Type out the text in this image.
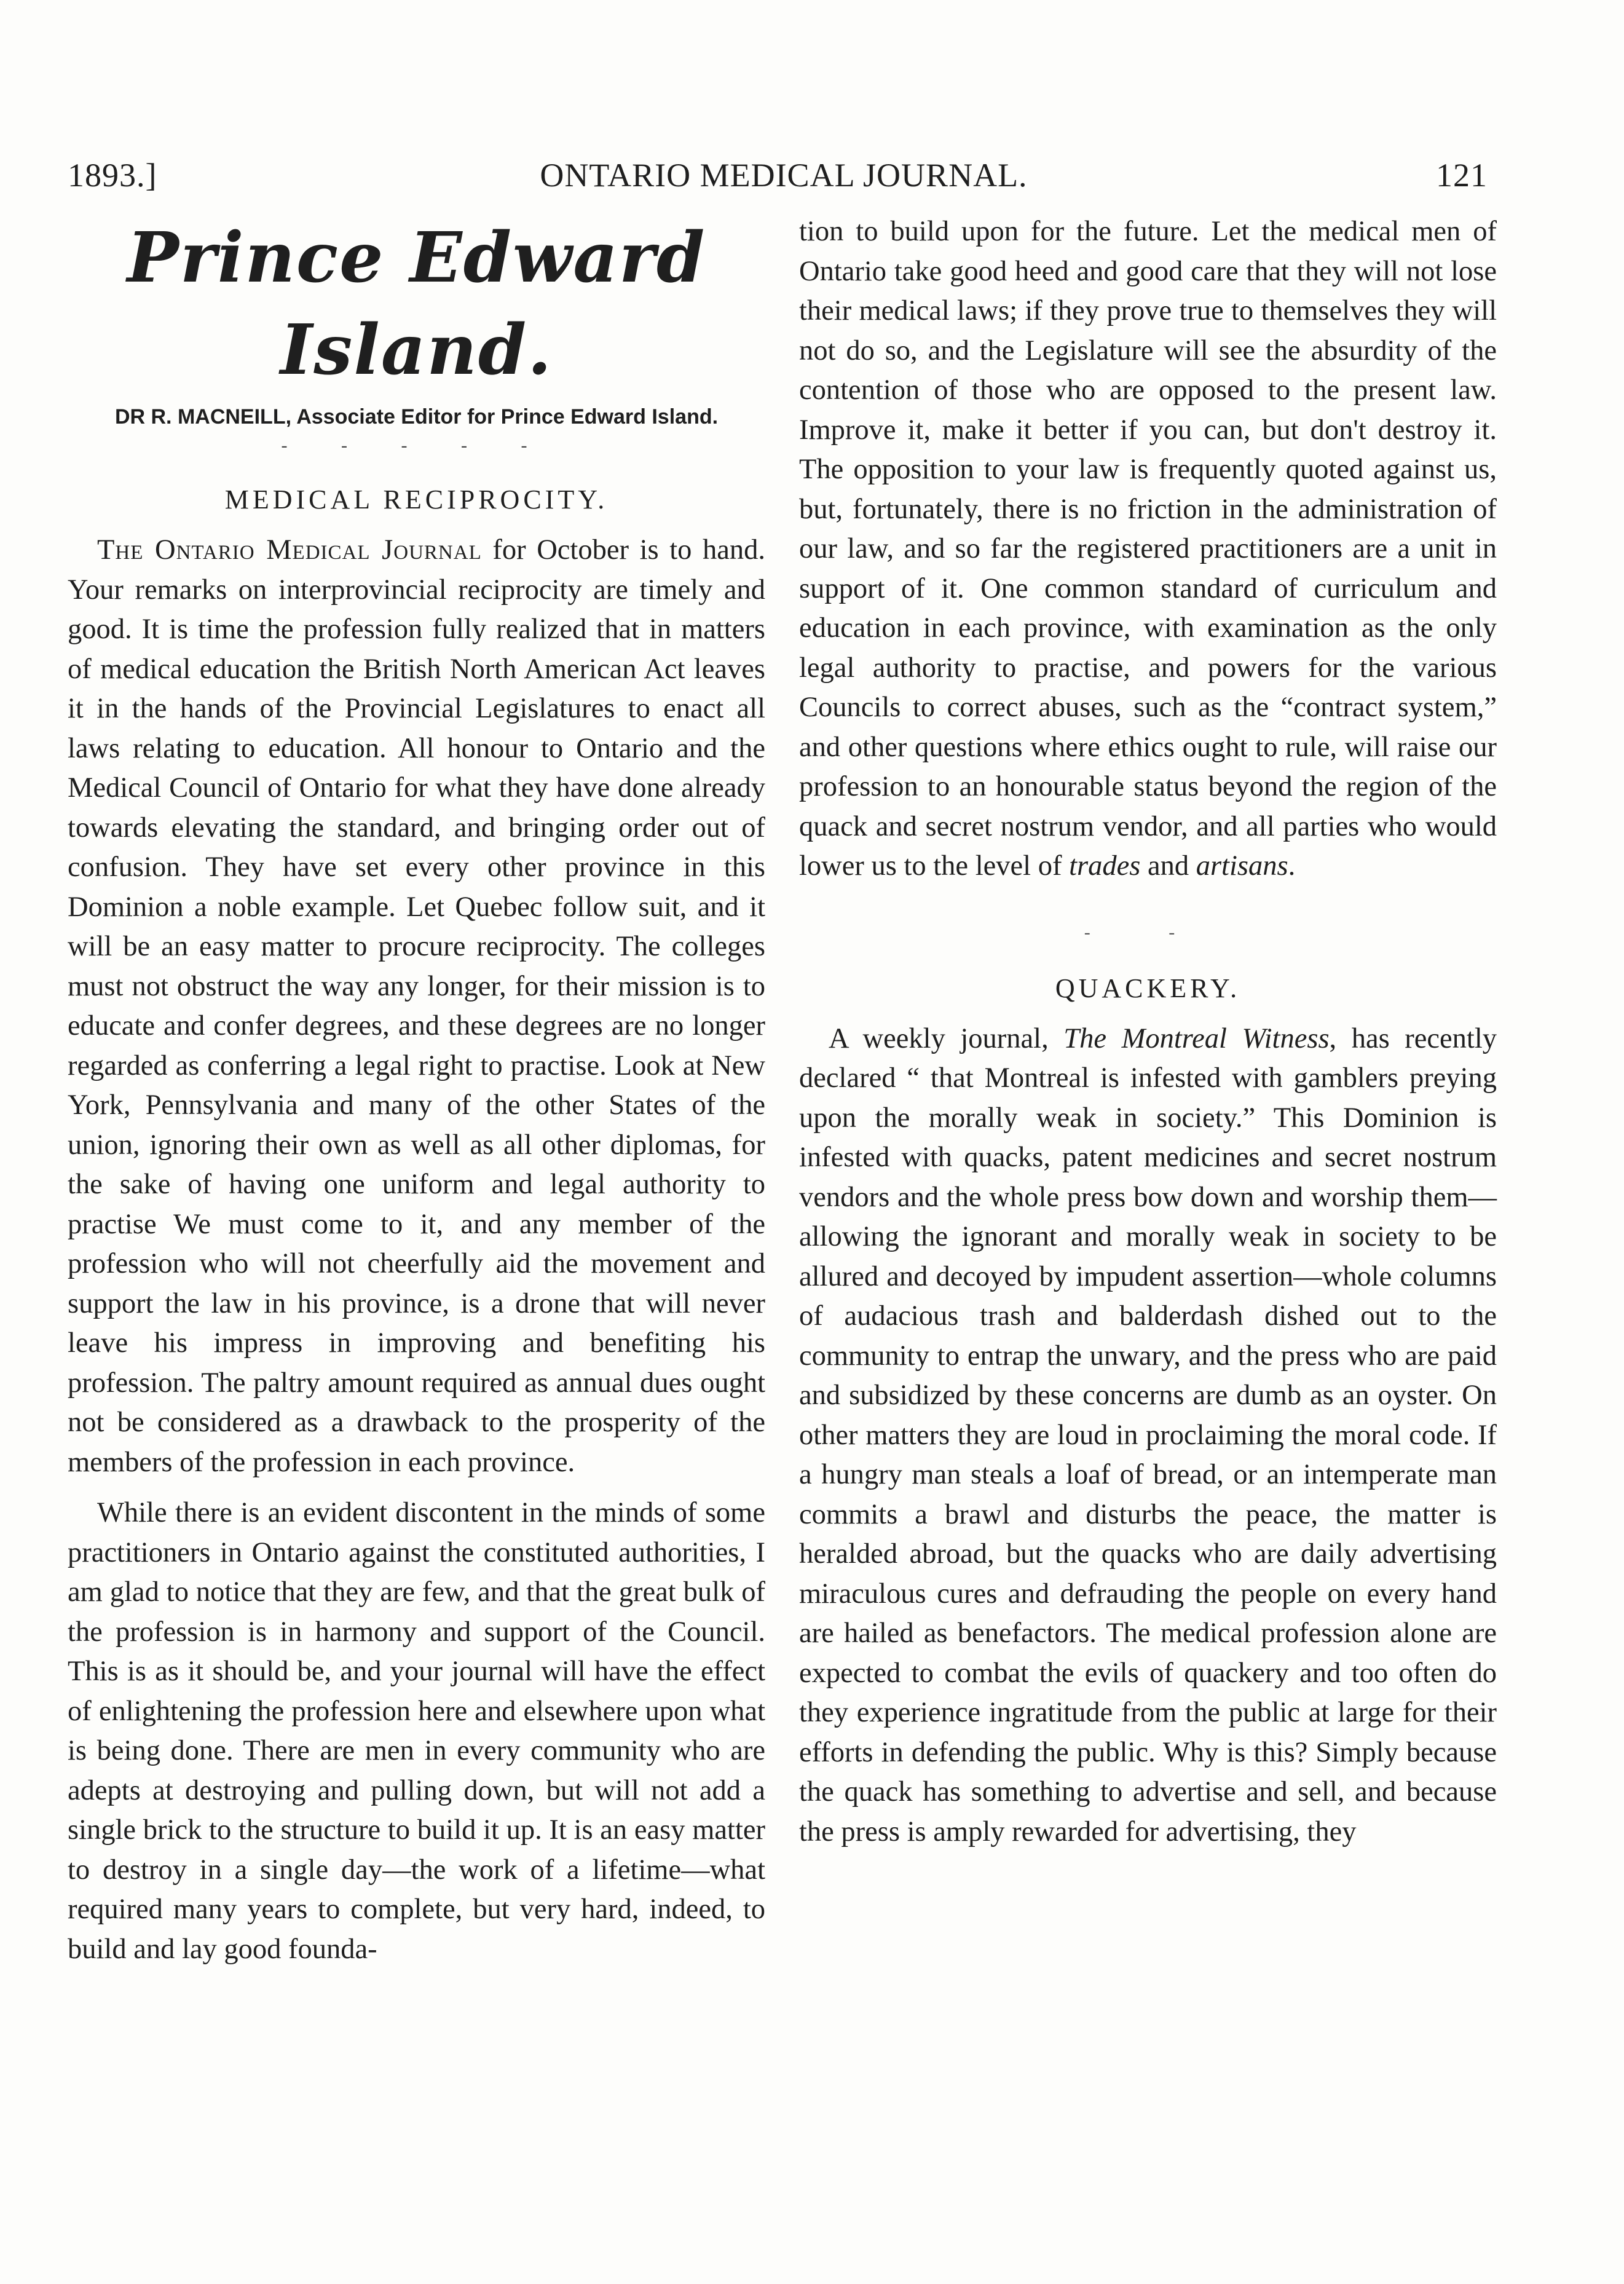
1893.]	ONTARIO MEDICAL JOURNAL.	121
Prince Edward Island.

DR R. MACNEILL, Associate Editor for Prince Edward Island.

- - - - -

MEDICAL RECIPROCITY.

The Ontario Medical Journal for October is to hand. Your remarks on interprovincial reciprocity are timely and good. It is time the profession fully realized that in matters of medical education the British North American Act leaves it in the hands of the Provincial Legislatures to enact all laws relating to education. All honour to Ontario and the Medical Council of Ontario for what they have done already towards elevating the standard, and bringing order out of confusion. They have set every other province in this Dominion a noble example. Let Quebec follow suit, and it will be an easy matter to procure reciprocity. The colleges must not obstruct the way any longer, for their mission is to educate and confer degrees, and these degrees are no longer regarded as conferring a legal right to practise. Look at New York, Pennsylvania and many of the other States of the union, ignoring their own as well as all other diplomas, for the sake of having one uniform and legal authority to practise We must come to it, and any member of the profession who will not cheerfully aid the movement and support the law in his province, is a drone that will never leave his impress in improving and benefiting his profession. The paltry amount required as annual dues ought not be considered as a drawback to the prosperity of the members of the profession in each province.

While there is an evident discontent in the minds of some practitioners in Ontario against the constituted authorities, I am glad to notice that they are few, and that the great bulk of the profession is in harmony and support of the Council. This is as it should be, and your journal will have the effect of enlightening the profession here and elsewhere upon what is being done. There are men in every community who are adepts at destroying and pulling down, but will not add a single brick to the structure to build it up. It is an easy matter to destroy in a single day—the work of a lifetime—what required many years to complete, but very hard, indeed, to build and lay good founda-

tion to build upon for the future. Let the medical men of Ontario take good heed and good care that they will not lose their medical laws; if they prove true to themselves they will not do so, and the Legislature will see the absurdity of the contention of those who are opposed to the present law. Improve it, make it better if you can, but don't destroy it. The opposition to your law is frequently quoted against us, but, fortunately, there is no friction in the administration of our law, and so far the registered practitioners are a unit in support of it. One common standard of curriculum and education in each province, with examination as the only legal authority to practise, and powers for the various Councils to correct abuses, such as the “contract system,” and other questions where ethics ought to rule, will raise our profession to an honourable status beyond the region of the quack and secret nostrum vendor, and all parties who would lower us to the level of trades and artisans.

- -

QUACKERY.

A weekly journal, The Montreal Witness, has recently declared “ that Montreal is infested with gamblers preying upon the morally weak in society.” This Dominion is infested with quacks, patent medicines and secret nostrum vendors and the whole press bow down and worship them—allowing the ignorant and morally weak in society to be allured and decoyed by impudent assertion—whole columns of audacious trash and balderdash dished out to the community to entrap the unwary, and the press who are paid and subsidized by these concerns are dumb as an oyster. On other matters they are loud in proclaiming the moral code. If a hungry man steals a loaf of bread, or an intemperate man commits a brawl and disturbs the peace, the matter is heralded abroad, but the quacks who are daily advertising miraculous cures and defrauding the people on every hand are hailed as benefactors. The medical profession alone are expected to combat the evils of quackery and too often do they experience ingratitude from the public at large for their efforts in defending the public. Why is this? Simply because the quack has something to advertise and sell, and because the press is amply rewarded for advertising, they
